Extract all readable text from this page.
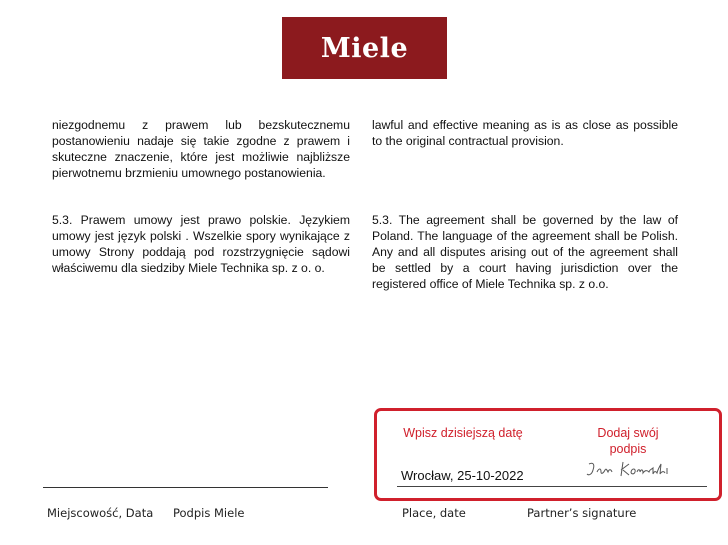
Miele

niezgodnemu z prawem lub bezskutecznemu postanowieniu nadaje się takie zgodne z prawem i skuteczne znaczenie, które jest możliwie najbliższe pierwotnemu brzmieniu umownego postanowienia.

5.3. Prawem umowy jest prawo polskie. Językiem umowy jest język polski . Wszelkie spory wynikające z umowy Strony poddają pod rozstrzygnięcie sądowi właściwemu dla siedziby Miele Technika sp. z o. o.

lawful and effective meaning as is as close as possible to the original contractual provision.

5.3. The agreement shall be governed by the law of Poland. The language of the agreement shall be Polish. Any and all disputes arising out of the agreement shall be settled by a court having jurisdiction over the registered office of Miele Technika sp. z o.o.

Miejscowość, Data Podpis Miele
Wpisz dzisiejszą datę	Dodaj swój podpis
Wrocław, 25-10-2022
Place, date	Partner’s signature
